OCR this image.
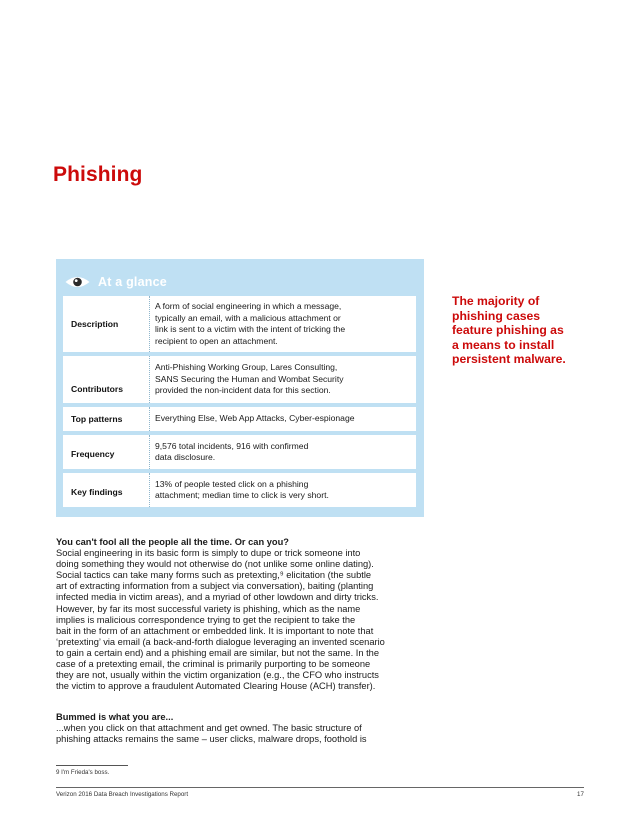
Phishing
At a glance
Description
A form of social engineering in which a message,
typically an email, with a malicious attachment or
link is sent to a victim with the intent of tricking the
recipient to open an attachment.
Contributors
Anti-Phishing Working Group, Lares Consulting,
SANS Securing the Human and Wombat Security
provided the non-incident data for this section.
Top patterns	Everything Else, Web App Attacks, Cyber-espionage
Frequency
9,576 total incidents, 916 with confirmed
data disclosure.
Key findings
13% of people tested click on a phishing
attachment; median time to click is very short.
The majority of
phishing cases
feature phishing as
a means to install
persistent malware.
You can't fool all the people all the time. Or can you?
Social engineering in its basic form is simply to dupe or trick someone into
doing something they would not otherwise do (not unlike some online dating).
Social tactics can take many forms such as pretexting,⁹ elicitation (the subtle
art of extracting information from a subject via conversation), baiting (planting
infected media in victim areas), and a myriad of other lowdown and dirty tricks.
However, by far its most successful variety is phishing, which as the name
implies is malicious correspondence trying to get the recipient to take the
bait in the form of an attachment or embedded link. It is important to note that
‘pretexting’ via email (a back-and-forth dialogue leveraging an invented scenario
to gain a certain end) and a phishing email are similar, but not the same. In the
case of a pretexting email, the criminal is primarily purporting to be someone
they are not, usually within the victim organization (e.g., the CFO who instructs
the victim to approve a fraudulent Automated Clearing House (ACH) transfer).
Bummed is what you are...
...when you click on that attachment and get owned. The basic structure of
phishing attacks remains the same – user clicks, malware drops, foothold is
9 I'm Frieda's boss.
Verizon 2016 Data Breach Investigations Report	17
